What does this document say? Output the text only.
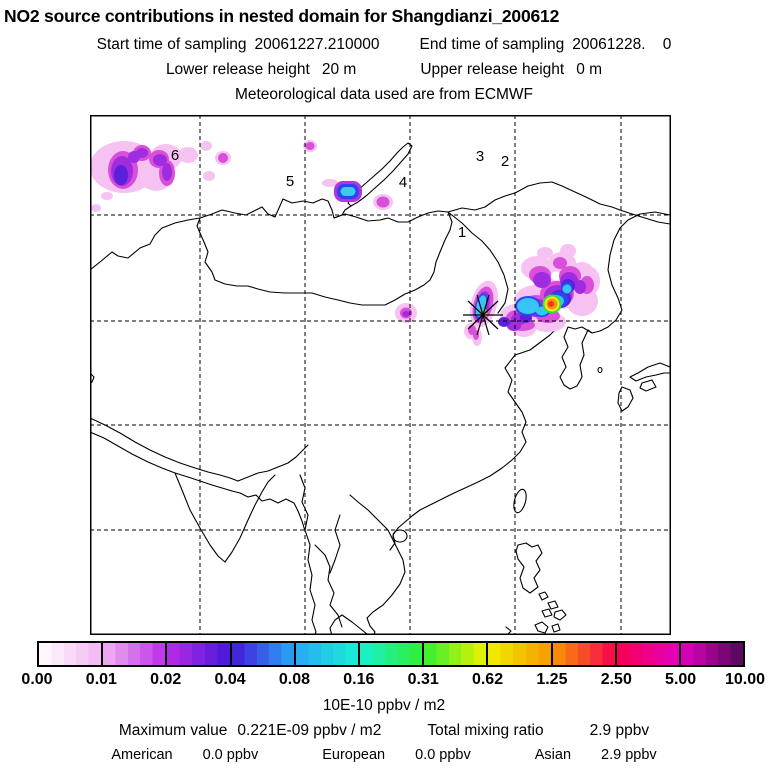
NO2 source contributions in nested domain for Shangdianzi_200612
Start time of sampling 20061227.210000	End time of sampling 20061228.    0
Lower release height 20 m	Upper release height 0 m
Meteorological data used are from ECMWF
1
2
3
4
5
6
0.00 0.01 0.02 0.04 0.08 0.16 0.31 0.62 1.25 2.50 5.00 10.00
10E-10 ppbv / m2
Maximum value 0.221E-09 ppbv / m2	Total mixing ratio	2.9 ppbv
American 0.0 ppbv	European 0.0 ppbv	Asian 2.9 ppbv
